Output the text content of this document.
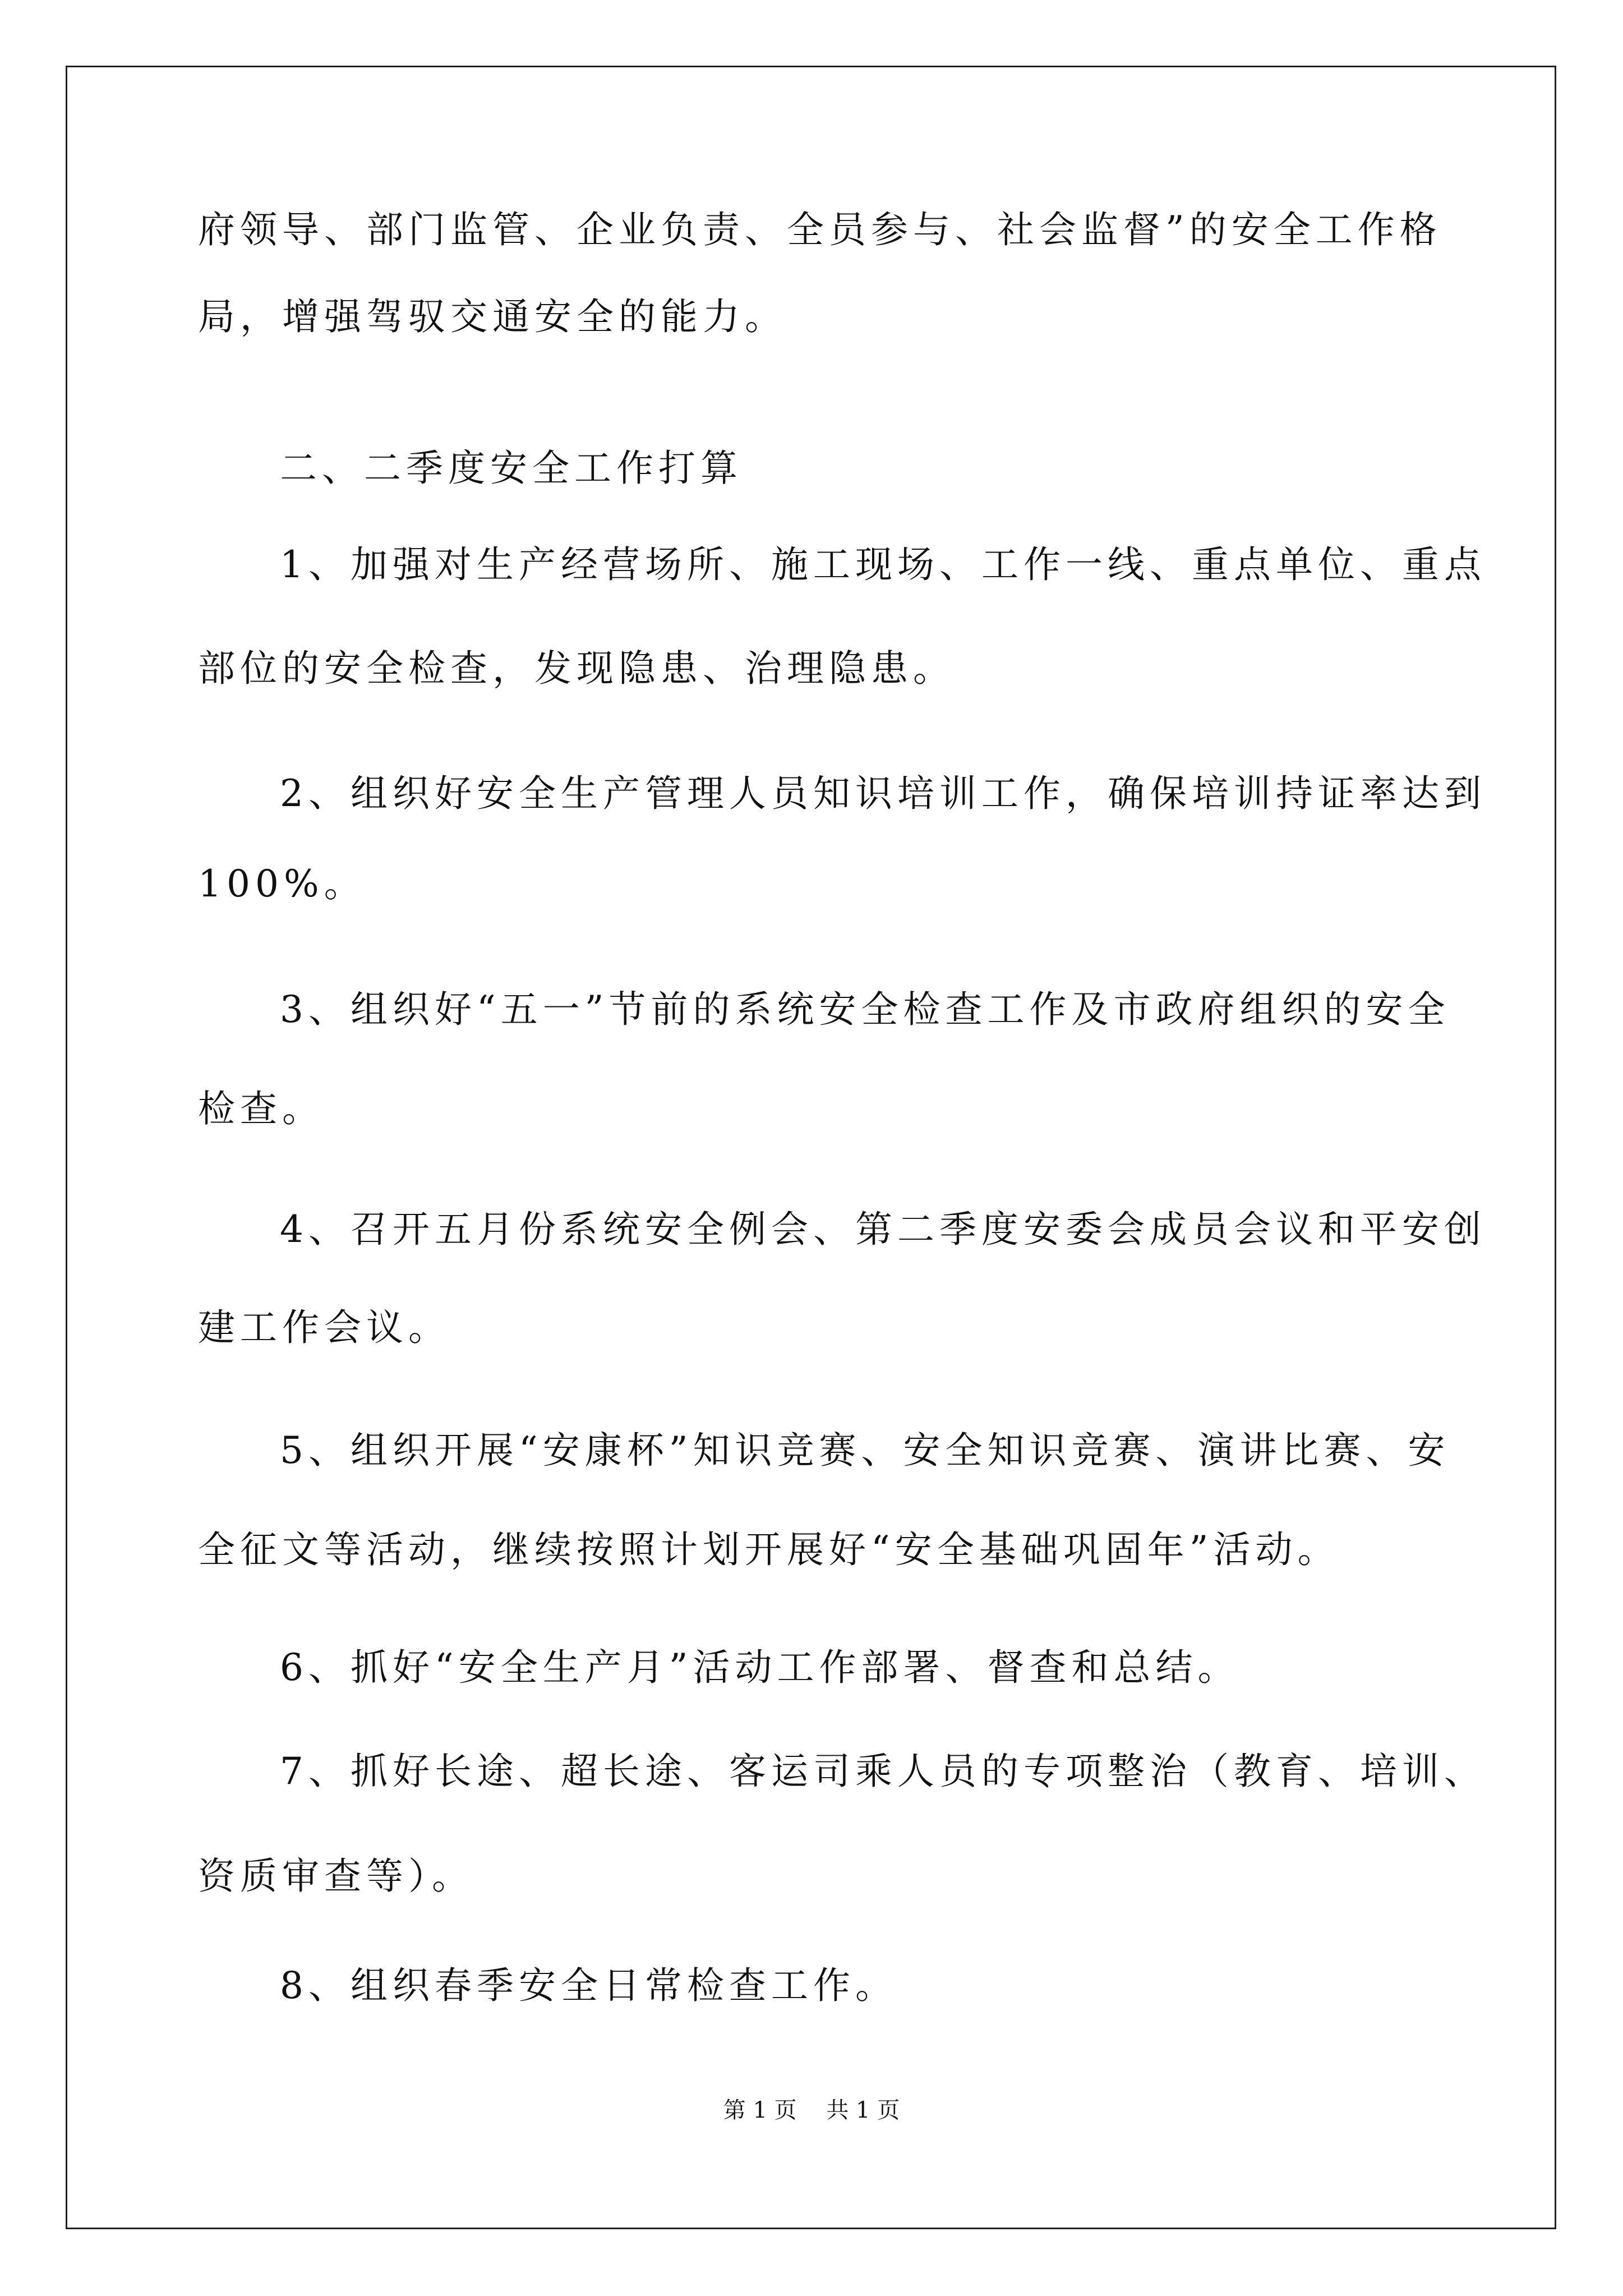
府领导、部门监管、企业负责、全员参与、社会监督”的安全工作格
局，增强驾驭交通安全的能力。
二、二季度安全工作打算
1、加强对生产经营场所、施工现场、工作一线、重点单位、重点
部位的安全检查，发现隐患、治理隐患。
2、组织好安全生产管理人员知识培训工作，确保培训持证率达到
100%。
3、组织好“五一”节前的系统安全检查工作及市政府组织的安全
检查。
4、召开五月份系统安全例会、第二季度安委会成员会议和平安创
建工作会议。
5、组织开展“安康杯”知识竞赛、安全知识竞赛、演讲比赛、安
全征文等活动，继续按照计划开展好“安全基础巩固年”活动。
6、抓好“安全生产月”活动工作部署、督查和总结。
7、抓好长途、超长途、客运司乘人员的专项整治（教育、培训、
资质审查等）。
8、组织春季安全日常检查工作。
第 1 页　 共 1 页
